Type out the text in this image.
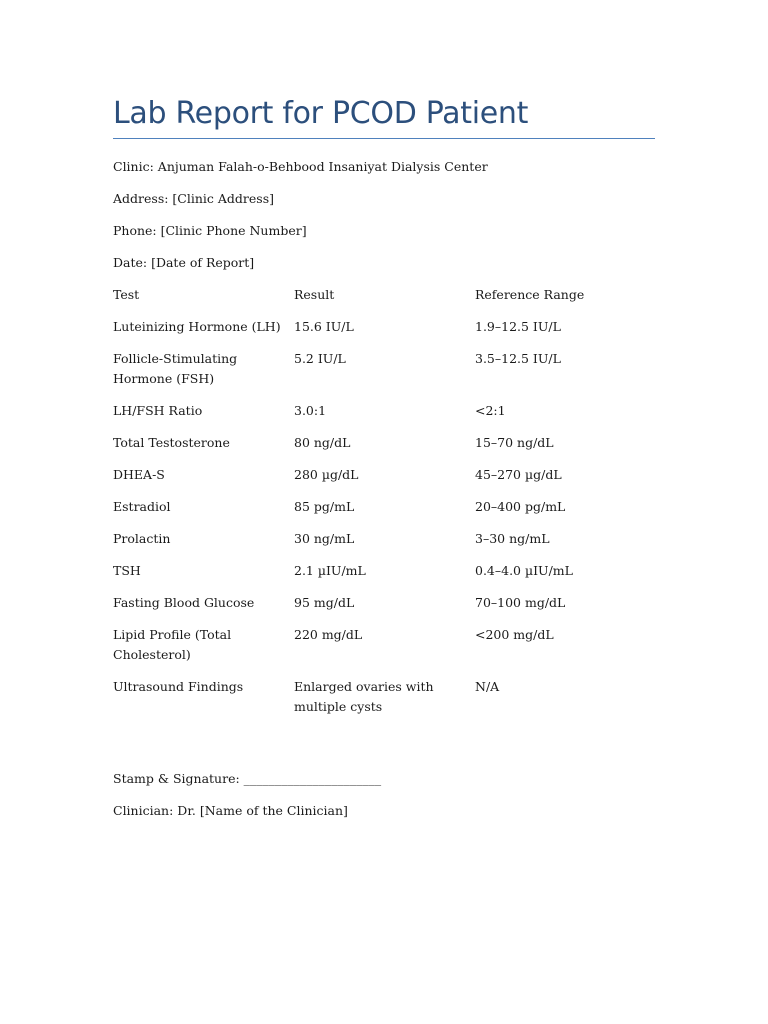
Lab Report for PCOD Patient

Clinic: Anjuman Falah-o-Behbood Insaniyat Dialysis Center

Address: [Clinic Address]

Phone: [Clinic Phone Number]

Date: [Date of Report]

Test	Result	Reference Range
Luteinizing Hormone (LH)	15.6 IU/L	1.9–12.5 IU/L
Follicle-Stimulating Hormone (FSH)	5.2 IU/L	3.5–12.5 IU/L
LH/FSH Ratio	3.0:1	<2:1
Total Testosterone	80 ng/dL	15–70 ng/dL
DHEA-S	280 µg/dL	45–270 µg/dL
Estradiol	85 pg/mL	20–400 pg/mL
Prolactin	30 ng/mL	3–30 ng/mL
TSH	2.1 µIU/mL	0.4–4.0 µIU/mL
Fasting Blood Glucose	95 mg/dL	70–100 mg/dL
Lipid Profile (Total Cholesterol)	220 mg/dL	<200 mg/dL
Ultrasound Findings	Enlarged ovaries with multiple cysts	N/A

Stamp & Signature: ______________________

Clinician: Dr. [Name of the Clinician]
